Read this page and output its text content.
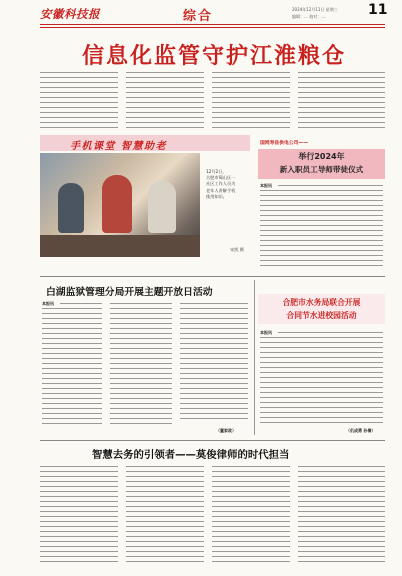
安徽科技报	综合	2024年12月11日 星期三
编辑：… 校对：…	11
信息化监管守护江淮粮仓
手机课堂 智慧助老
12月2日，
合肥市蜀山区一
社区工作人员为
老年人讲解手机
使用知识。
宋凯 摄
国网寿县供电公司——
举行2024年
新入职员工导师带徒仪式
本报讯
白湖监狱管理分局开展主题开放日活动
本报讯
（董家政）
合肥市水务局联合开展
合同节水进校园活动
本报讯
（仉成勇 孙倩）
智慧去务的引领者——莫俊律师的时代担当
